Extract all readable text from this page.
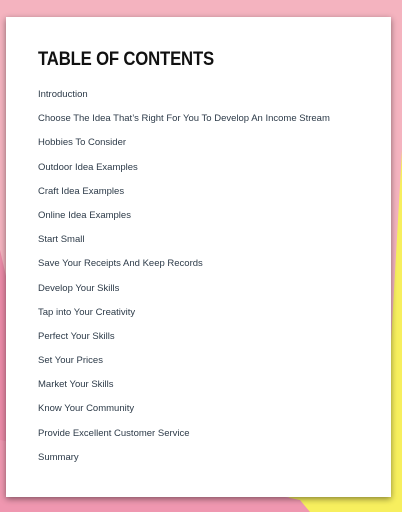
TABLE OF CONTENTS
Introduction
Choose The Idea That’s Right For You To Develop An Income Stream
Hobbies To Consider
Outdoor Idea Examples
Craft Idea Examples
Online Idea Examples
Start Small
Save Your Receipts And Keep Records
Develop Your Skills
Tap into Your Creativity
Perfect Your Skills
Set Your Prices
Market Your Skills
Know Your Community
Provide Excellent Customer Service
Summary
